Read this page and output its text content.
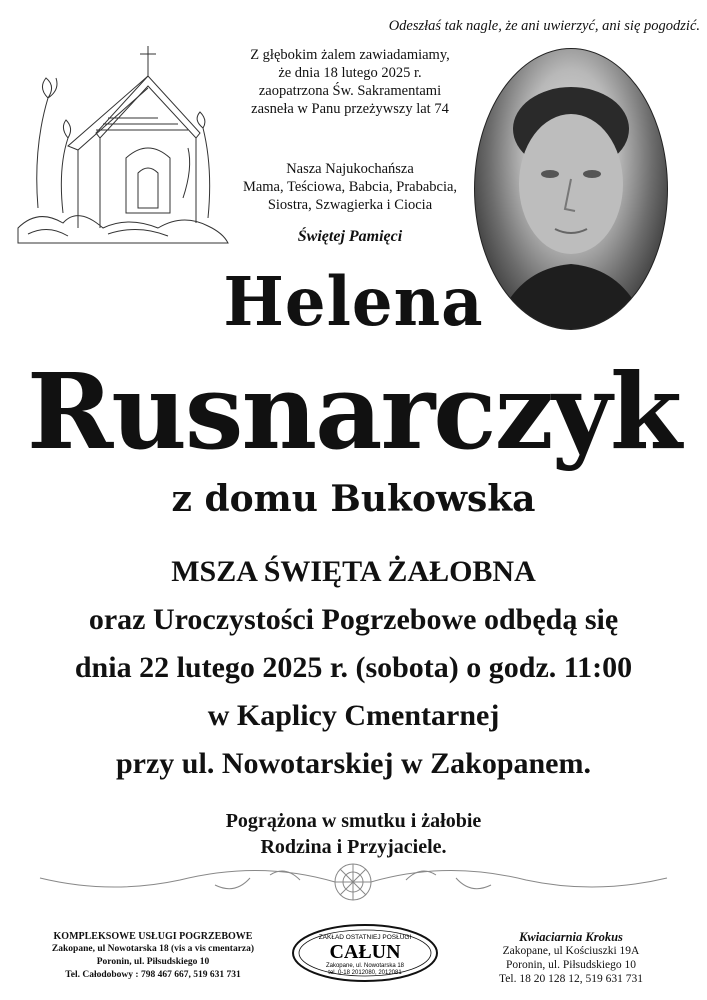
Odeszłaś tak nagle, że ani uwierzyć, ani się pogodzić.
Z głębokim żalem zawiadamiamy,
że dnia 18 lutego 2025 r.
zaopatrzona Św. Sakramentami
zasneła w Panu przeżywszy lat 74
Nasza Najukochańsza
Mama, Teściowa, Babcia, Prababcia,
Siostra, Szwagierka i Ciocia
Świętej Pamięci
Helena
Rusnarczyk
z domu Bukowska
MSZA ŚWIĘTA ŻAŁOBNA
oraz Uroczystości Pogrzebowe odbędą się
dnia 22 lutego 2025 r. (sobota) o godz. 11:00
w Kaplicy Cmentarnej
przy ul. Nowotarskiej w Zakopanem.
Pogrążona w smutku i żałobie
Rodzina i Przyjaciele.
KOMPLEKSOWE USŁUGI POGRZEBOWE
Zakopane, ul Nowotarska 18 (vis a vis cmentarza)
Poronin, ul. Piłsudskiego 10
Tel. Całodobowy : 798 467 667, 519 631 731
ZAKŁAD OSTATNIEJ POSŁUGI
CAŁUN
Zakopane, ul. Nowotarska 18
tel. 0-18 2012080, 2012081
Kwiaciarnia Krokus
Zakopane, ul Kościuszki 19A
Poronin, ul. Piłsudskiego 10
Tel. 18 20 128 12, 519 631 731
